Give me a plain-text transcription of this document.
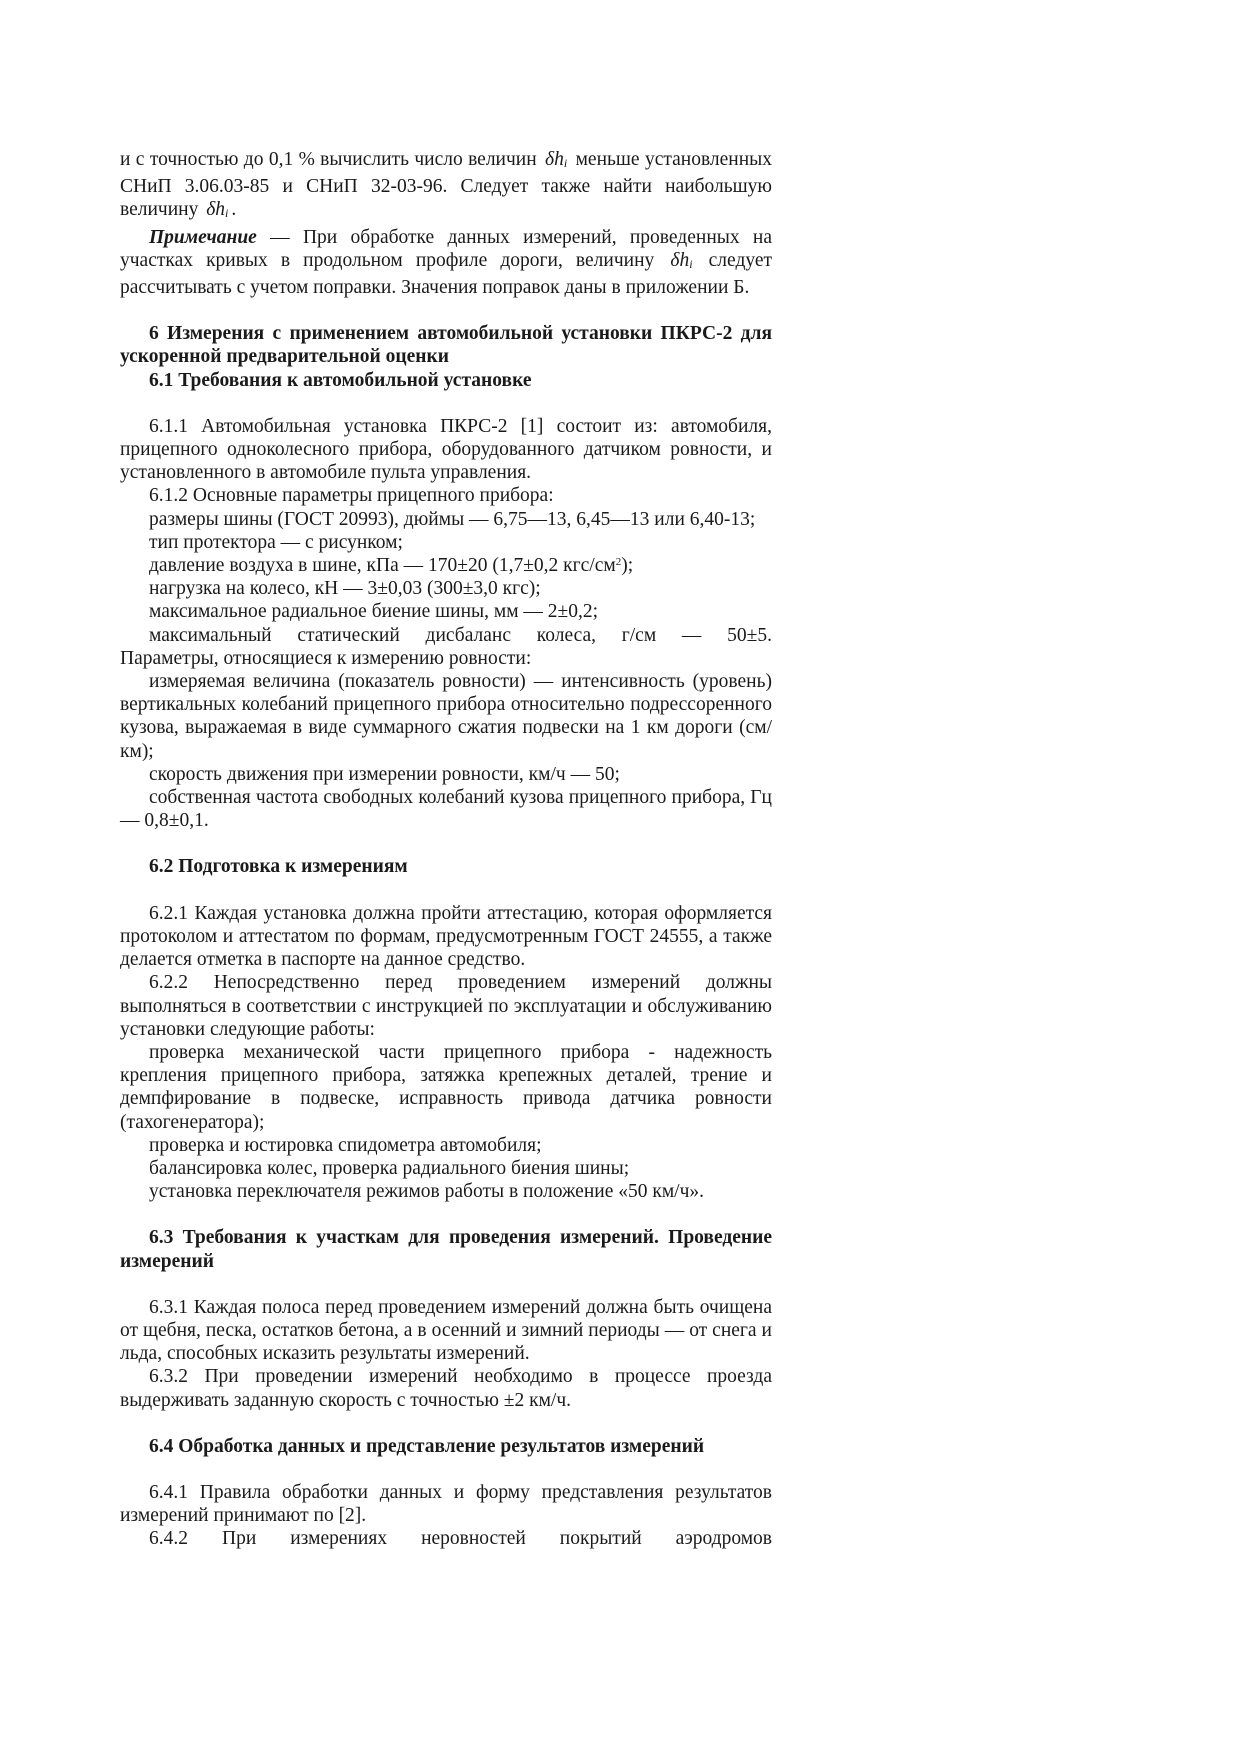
и с точностью до 0,1 % вычислить число величин $\delta h_i$ меньше установленных СНиП 3.06.03-85 и СНиП 32-03-96. Следует также найти наибольшую величину $\delta h_i$ .

Примечание — При обработке данных измерений, проведенных на участках кривых в продольном профиле дороги, величину $\delta h_i$ следует рассчитывать с учетом поправки. Значения поправок даны в приложении Б.

6 Измерения с применением автомобильной установки ПКРС-2 для ускоренной предварительной оценки

6.1 Требования к автомобильной установке

6.1.1 Автомобильная установка ПКРС-2 [1] состоит из: автомобиля, прицепного одноколесного прибора, оборудованного датчиком ровности, и установленного в автомобиле пульта управления.

6.1.2 Основные параметры прицепного прибора:

размеры шины (ГОСТ 20993), дюймы — 6,75—13, 6,45—13 или 6,40-13;

тип протектора — с рисунком;

давление воздуха в шине, кПа — 170±20 (1,7±0,2 кгс/$см^2$);

нагрузка на колесо, кН — 3±0,03 (300±3,0 кгс);

максимальное радиальное биение шины, мм — 2±0,2;

максимальный статический дисбаланс колеса, г/см — 50±5.

Параметры, относящиеся к измерению ровности:

измеряемая величина (показатель ровности) — интенсивность (уровень) вертикальных колебаний прицепного прибора относительно подрессоренного кузова, выражаемая в виде суммарного сжатия подвески на 1 км дороги (см/км);

скорость движения при измерении ровности, км/ч — 50;

собственная частота свободных колебаний кузова прицепного прибора, Гц — 0,8±0,1.

6.2 Подготовка к измерениям

6.2.1 Каждая установка должна пройти аттестацию, которая оформляется протоколом и аттестатом по формам, предусмотренным ГОСТ 24555, а также делается отметка в паспорте на данное средство.

6.2.2 Непосредственно перед проведением измерений должны выполняться в соответствии с инструкцией по эксплуатации и обслуживанию установки следующие работы:

проверка механической части прицепного прибора - надежность крепления прицепного прибора, затяжка крепежных деталей, трение и демпфирование в подвеске, исправность привода датчика ровности (тахогенератора);

проверка и юстировка спидометра автомобиля;

балансировка колес, проверка радиального биения шины;

установка переключателя режимов работы в положение «50 км/ч».

6.3 Требования к участкам для проведения измерений. Проведение измерений

6.3.1 Каждая полоса перед проведением измерений должна быть очищена от щебня, песка, остатков бетона, а в осенний и зимний периоды — от снега и льда, способных исказить результаты измерений.

6.3.2 При проведении измерений необходимо в процессе проезда выдерживать заданную скорость с точностью ±2 км/ч.

6.4 Обработка данных и представление результатов измерений

6.4.1 Правила обработки данных и форму представления результатов измерений принимают по [2].

6.4.2 При измерениях неровностей покрытий аэродромов
